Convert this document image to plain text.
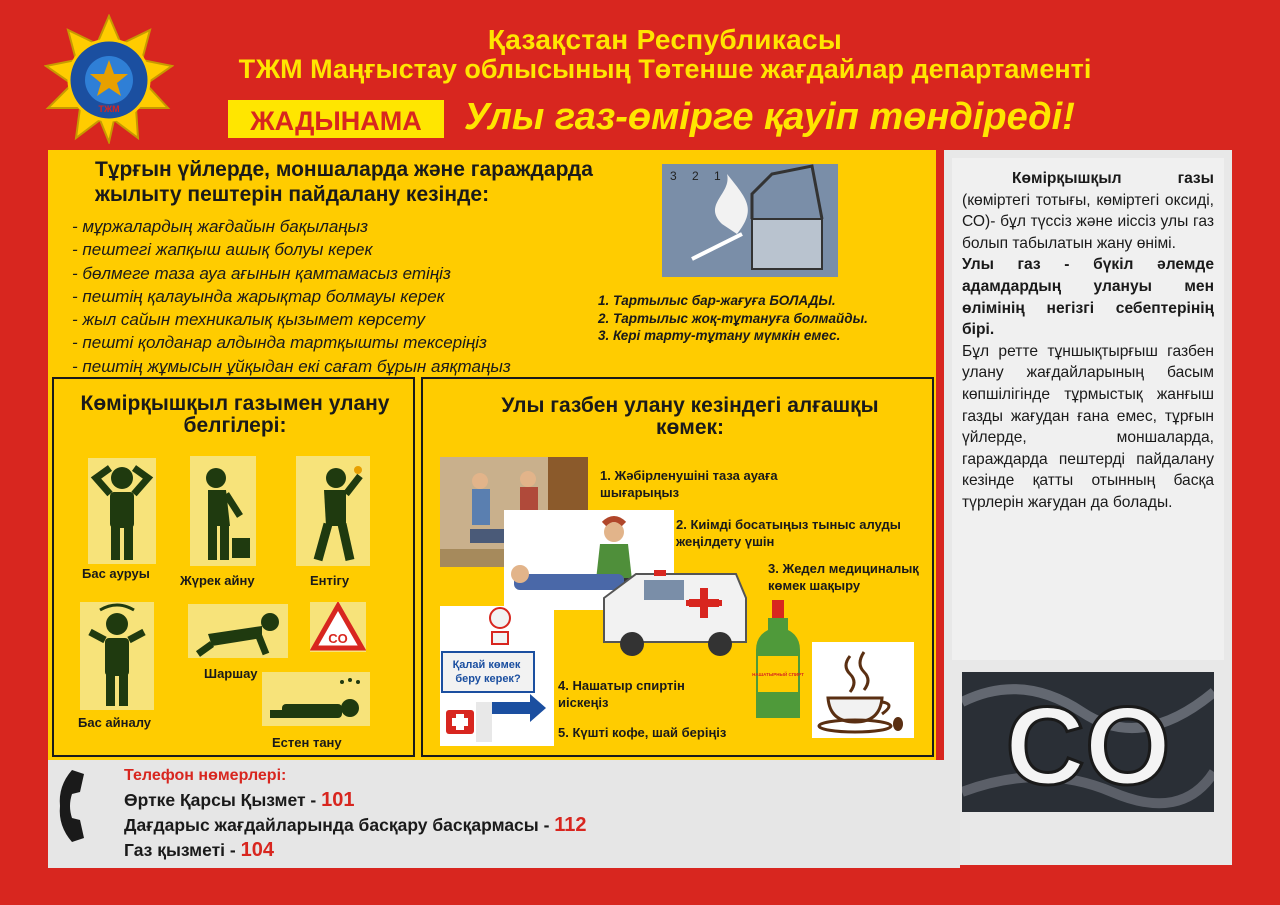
ТЖМ
Қазақстан Республикасы
ТЖМ Маңғыстау облысының Төтенше жағдайлар департаменті
ЖАДЫНАМА	Улы газ-өмірге қауіп төндіреді!
Тұрғын үйлерде, моншаларда және гараждарда жылыту пештерін пайдалану кезінде:
- мұржалардың жағдайын бақылаңыз
- пештегі жапқыш ашық болуы керек
- бөлмеге таза ауа ағынын қамтамасыз етіңіз
- пештің қалауында жарықтар болмауы керек
- жыл сайын техникалық қызымет көрсету
- пешті қолданар алдында тартқышты тексеріңіз
- пештің жұмысын ұйқыдан екі сағат бұрын аяқтаңыз
3 2 1
1. Тартылыс бар-жағуға БОЛАДЫ.
2. Тартылыс жоқ-тұтануға болмайды.
3. Кері тарту-тұтану мүмкін емес.
Көмірқышқыл газымен улану белгілері:
Бас ауруы Жүрек айну	Ентігу
Бас айналу
Шаршау
CO
Естен тану
Улы газбен улану кезіндегі алғашқы көмек:
1. Жәбірленушіні таза ауаға шығарыңыз
2. Киімді босатыңыз тыныс алуды жеңілдету үшін
3. Жедел медициналық көмек шақыру
НАШАТЫРНЫЙ СПИРТ
Қалай көмек беру керек?	4. Нашатыр спиртін иіскеңіз
5. Күшті кофе, шай беріңіз

Көмірқышқыл газы (көміртегі тотығы, көміртегі оксиді, СО)- бұл түссіз және иіссіз улы газ болып табылатын жану өнімі.

Улы газ - бүкіл әлемде адамдардың улануы мен өлімінің негізгі себептерінің бірі.

Бұл ретте тұншықтырғыш газбен улану жағдайларының басым көпшілігінде тұрмыстық жанғыш газды жағудан ғана емес, тұрғын үйлерде, моншаларда, гараждарда пештерді пайдалану кезінде қатты отынның басқа түрлерін жағудан да болады.

CO
Телефон нөмерлері:
Өртке Қарсы Қызмет - 101
Дағдарыс жағдайларында басқару басқармасы - 112
Газ қызметі - 104
